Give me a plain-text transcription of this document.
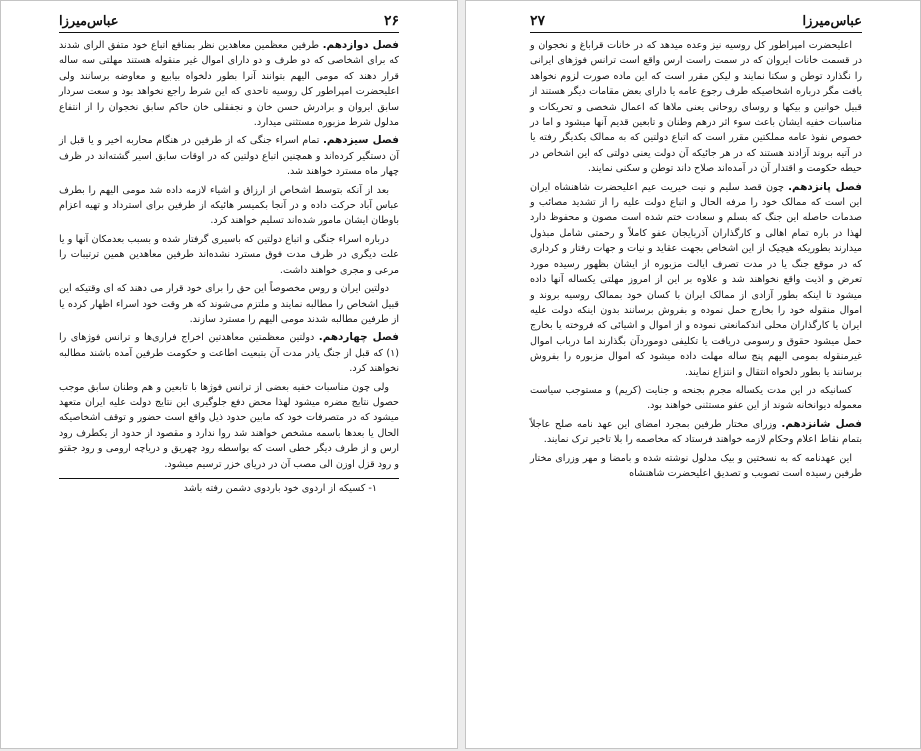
عباس‌میرزا	۲۶

فصل دوازدهم. طرفین معظمین معاهدین نظر بمنافع اتباع خود متفق الرای شدند که برای اشخاصی که دو طرف و دو دارای اموال غیر منقوله هستند مهلتی سه ساله قرار دهند که مومی الیهم بتوانند آنرا بطور دلخواه بیابیع و معاوضه برسانند ولی اعلیحضرت امپراطور کل روسیه تاحدی که این شرط راجع نخواهد بود و سعت سردار سابق ایروان و برادرش حسن خان و نجفقلی خان حاکم سابق نخجوان را از انتفاع مدلول شرط مزبوره مستثنی میدارد.

فصل سیزدهم. تمام اسراء جنگی که از طرفین در هنگام محاربه اخیر و یا قبل از آن دستگیر کرده‌اند و همچنین اتباع دولتین که در اوقات سابق اسیر گشته‌اند در ظرف چهار ماه مسترد خواهند شد.

بعد از آنکه بتوسط اشخاص از ارزاق و اشیاء لازمه داده شد مومی الیهم را بطرف عباس آباد حرکت داده و در آنجا بکمیسر هائیکه از طرفین برای استرداد و تهیه اعزام باوطان ایشان مامور شده‌اند تسلیم خواهند کرد.

درباره اسراء جنگی و اتباع دولتین که باسیری گرفتار شده و بسبب بعدمکان آنها و یا علت دیگری در ظرف مدت فوق مسترد نشده‌اند طرفین معاهدین همین ترتیبات را مرعی و مجری خواهند داشت.

دولتین ایران و روس مخصوصاً این حق را برای خود قرار می دهند که ای وقتیکه این قبیل اشخاص را مطالبه نمایند و ملتزم می‌شوند که هر وقت خود اسراء اظهار کرده یا از طرفین مطالبه شدند مومی الیهم را مسترد سازند.

فصل چهاردهم. دولتین معظمتین معاهدتین اخراج فراری‌ها و ترانس فوژهای را (۱) که قبل از جنگ یادر مدت آن بتبعیت اطاعت و حکومت طرفین آمده باشند مطالبه نخواهند کرد.

ولی چون مناسبات خفیه بعضی از ترانس فوژها با تابعین و هم وطنان سابق موجب حصول نتایج مضره میشود لهذا محض دفع جلوگیری این نتایج دولت علیه ایران متعهد میشود که در متصرفات خود که مابین حدود ذیل واقع است حضور و توقف اشخاصیکه الحال یا بعدها باسمه مشخص خواهند شد روا ندارد و مقصود از حدود از یکطرف رود ارس و از طرف دیگر خطی است که بواسطه رود چهریق و دریاچه ارومی و رود جقتو و رود قزل اوزن الی مصب آن در دریای خزر ترسیم میشود.

۱- کسیکه از اردوی خود باردوی دشمن رفته باشد
۲۷	عباس‌میرزا

اعلیحضرت امپراطور کل روسیه نیز وعده میدهد که در خانات قراباغ و نخجوان و در قسمت خانات ایروان که در سمت راست ارس واقع است ترانس فوژهای ایرانی را نگذارد توطن و سکنا نمایند و لیکن مقرر است که این ماده صورت لزوم نخواهد یافت مگر درباره اشخاصیکه طرف رجوع عامه یا دارای بعض مقامات دیگر هستند از قبیل خوانین و بیکها و روسای روحانی یعنی ملاها که اعمال شخصی و تحریکات و مناسبات خفیه ایشان باعث سوء اثر درهم وطنان و تابعین قدیم آنها میشود و اما در خصوص نفوذ عامه مملکتین مقرر است که اتباع دولتین که به ممالک یکدیگر رفته یا در آتیه بروند آزادند هستند که در هر جائیکه آن دولت یعنی دولتی که این اشخاص در حیطه حکومت و اقتدار آن در آمده‌اند صلاح داند توطن و سکنی نمایند.

فصل پانزدهم. چون قصد سلیم و نیت خیریت عیم اعلیحضرت شاهنشاه ایران این است که ممالک خود را مرفه الحال و اتباع دولت علیه را از تشدید مصائب و صدمات حاصله این جنگ که بسلم و سعادت ختم شده است مصون و محفوظ دارد لهذا در باره تمام اهالی و کارگذاران آذربایجان عفو کاملاً و رحمتی شامل مبذول میدارند بطوریکه هیچیک از این اشخاص بجهت عقاید و نیات و جهات رفتار و کرداری که در موقع جنگ یا در مدت تصرف ایالت مزبوره از ایشان بظهور رسیده مورد تعرض و اذیت واقع نخواهند شد و علاوه بر این از امروز مهلتی یکساله آنها داده میشود تا اینکه بطور آزادی از ممالک ایران با کسان خود بممالک روسیه بروند و اموال منقوله خود را بخارج حمل نموده و بفروش برسانند بدون اینکه دولت علیه ایران یا کارگذاران محلی اندکمانعتی نموده و از اموال و اشیائی که فروخته یا بخارج حمل میشود حقوق و رسومی دریافت یا تکلیفی دوموردآن بگذارند اما درباب اموال غیرمنقوله بمومی الیهم پنج ساله مهلت داده میشود که اموال مزبوره را بفروش برسانند یا بطور دلخواه انتقال و انتزاع نمایند.

کسانیکه در این مدت یکساله مجرم بجنحه و جنایت (کریم) و مستوجب سیاست معموله دیوانخانه شوند از این عفو مستثنی خواهند بود.

فصل شانزدهم. وزرای مختار طرفین بمجرد امضای این عهد نامه صلح عاجلاً بتمام نقاط اعلام وحکام لازمه خواهند فرستاد که مخاصمه را بلا تاخیر ترک نمایند.

این عهدنامه که به نسختین و بیک مدلول نوشته شده و بامضا و مهر وزرای مختار طرفین رسیده است تصویب و تصدیق اعلیحضرت شاهنشاه
